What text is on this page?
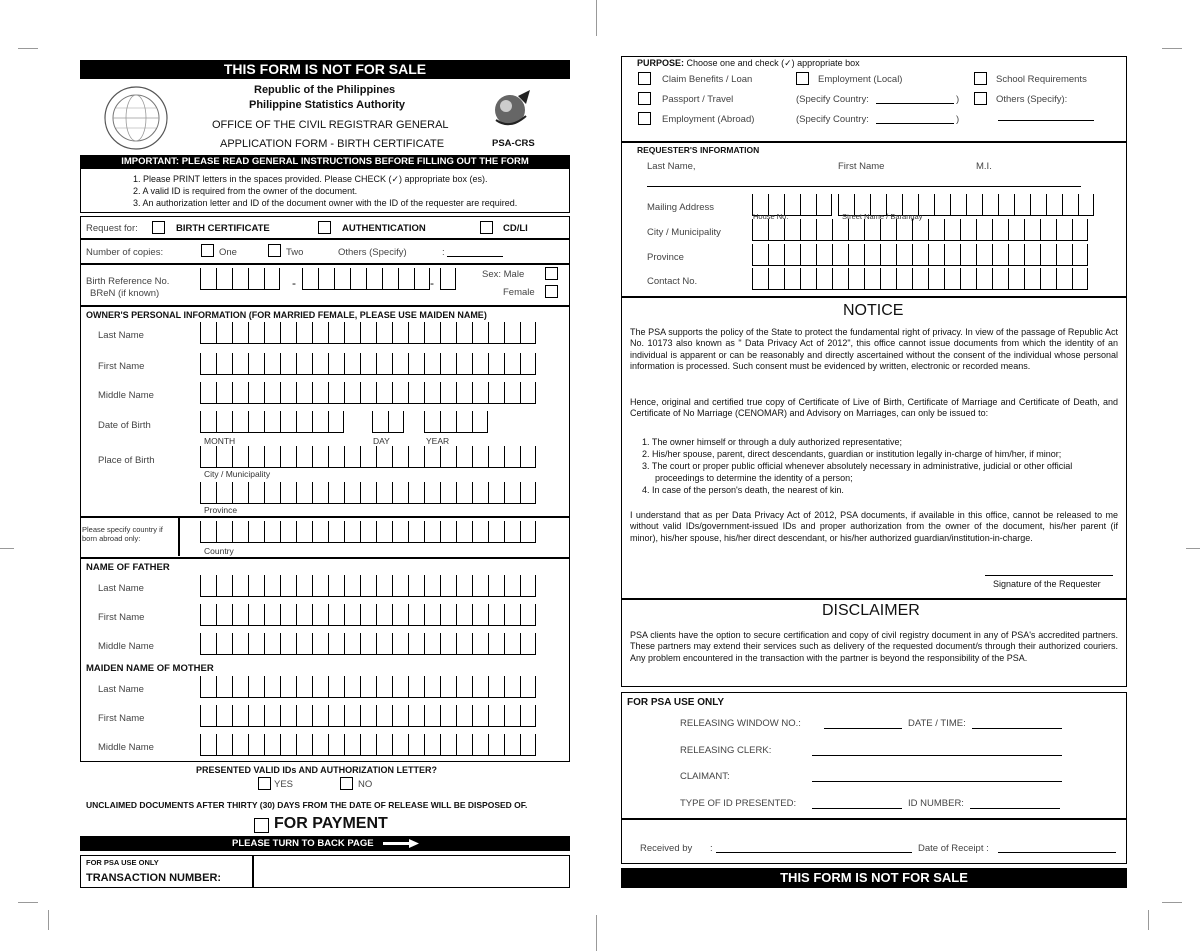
THIS FORM IS NOT FOR SALE
Republic of the Philippines
Philippine Statistics Authority
OFFICE OF THE CIVIL REGISTRAR GENERAL
APPLICATION FORM - BIRTH CERTIFICATE	PSA-CRS
IMPORTANT: PLEASE READ GENERAL INSTRUCTIONS BEFORE FILLING OUT THE FORM
1. Please PRINT letters in the spaces provided. Please CHECK (✓) appropriate box (es).
2. A valid ID is required from the owner of the document.
3. An authorization letter and ID of the document owner with the ID of the requester are required.
Request for:	BIRTH CERTIFICATE	AUTHENTICATION	CD/LI
Number of copies:	One	Two	Others (Specify)	:
Birth Reference No.
BReN (if known)
-	-
Sex: Male
Female
OWNER'S PERSONAL INFORMATION (FOR MARRIED FEMALE, PLEASE USE MAIDEN NAME)
Last Name
First Name
Middle Name
Date of Birth
MONTH	DAY	YEAR
Place of Birth
City / Municipality
Province
Please specify country if born abroad only:
Country
NAME OF FATHER
Last Name
First Name
Middle Name
MAIDEN NAME OF MOTHER
Last Name
First Name
Middle Name
PRESENTED VALID IDs AND AUTHORIZATION LETTER?
YES	NO
UNCLAIMED DOCUMENTS AFTER THIRTY (30) DAYS FROM THE DATE OF RELEASE WILL BE DISPOSED OF.
FOR PAYMENT
PLEASE TURN TO BACK PAGE
FOR PSA USE ONLY
TRANSACTION NUMBER:
PURPOSE: Choose one and check (✓) appropriate box
Claim Benefits / Loan	Employment (Local)	School Requirements
Passport / Travel	(Specify Country:	)	Others (Specify):
Employment (Abroad)	(Specify Country:	)
REQUESTER'S INFORMATION
Last Name,	First Name	M.I.
Mailing Address
House No.	Street Name / Barangay
City / Municipality
Province
Contact No.
NOTICE
The PSA supports the policy of the State to protect the fundamental right of privacy. In view of the passage of Republic Act No. 10173 also known as " Data Privacy Act of 2012", this office cannot issue documents from which the identity of an individual is apparent or can be reasonably and directly ascertained without the consent of the individual whose personal information is processed. Such consent must be evidenced by written, electronic or recorded means.
Hence, original and certified true copy of Certificate of Live of Birth, Certificate of Marriage and Certificate of Death, and Certificate of No Marriage (CENOMAR) and Advisory on Marriages, can only be issued to:
1. The owner himself or through a duly authorized representative;
2. His/her spouse, parent, direct descendants, guardian or institution legally in-charge of him/her, if minor;
3. The court or proper public official whenever absolutely necessary in administrative, judicial or other official
proceedings to determine the identity of a person;
4. In case of the person's death, the nearest of kin.
I understand that as per Data Privacy Act of 2012, PSA documents, if available in this office, cannot be released to me without valid IDs/government-issued IDs and proper authorization from the owner of the document, his/her parent (if minor), his/her spouse, his/her direct descendant, or his/her authorized guardian/institution-in-charge.
Signature of the Requester
DISCLAIMER
PSA clients have the option to secure certification and copy of civil registry document in any of PSA's accredited partners. These partners may extend their services such as delivery of the requested document/s through their authorized couriers. Any problem encountered in the transaction with the partner is beyond the responsibility of the PSA.
FOR PSA USE ONLY
RELEASING WINDOW NO.:	DATE / TIME:
RELEASING CLERK:
CLAIMANT:
TYPE OF ID PRESENTED:	ID NUMBER:
Received by :	Date of Receipt :
THIS FORM IS NOT FOR SALE
